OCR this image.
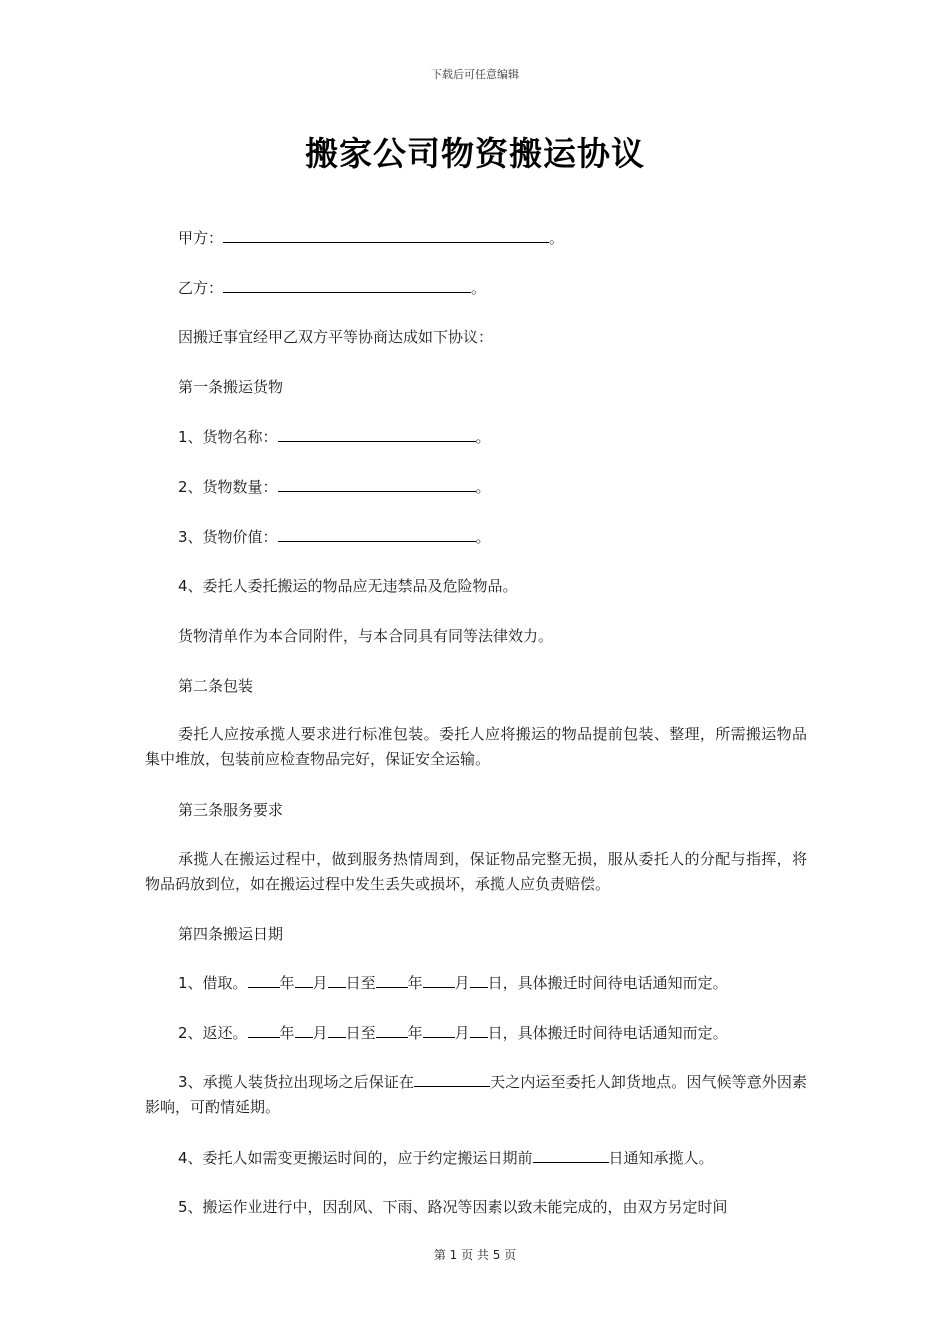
下载后可任意编辑
搬家公司物资搬运协议
甲方：	。
乙方：	。
因搬迁事宜经甲乙双方平等协商达成如下协议：
第一条搬运货物
1、货物名称：	。
2、货物数量：	。
3、货物价值：	。
4、委托人委托搬运的物品应无违禁品及危险物品。
货物清单作为本合同附件，与本合同具有同等法律效力。
第二条包装
委托人应按承揽人要求进行标准包装。委托人应将搬运的物品提前包装、整理，所需搬运物品集中堆放，包装前应检查物品完好，保证安全运输。
第三条服务要求
承揽人在搬运过程中，做到服务热情周到，保证物品完整无损，服从委托人的分配与指挥，将物品码放到位，如在搬运过程中发生丢失或损坏，承揽人应负责赔偿。
第四条搬运日期
1、借取。 年 月 日至 年 月 日，具体搬迁时间待电话通知而定。
2、返还。 年 月 日至 年 月 日，具体搬迁时间待电话通知而定。
3、承揽人装货拉出现场之后保证在	天之内运至委托人卸货地点。因气候等意外因素影响，可酌情延期。
4、委托人如需变更搬运时间的，应于约定搬运日期前	日通知承揽人。
5、搬运作业进行中，因刮风、下雨、路况等因素以致未能完成的，由双方另定时间
第 1 页 共 5 页
